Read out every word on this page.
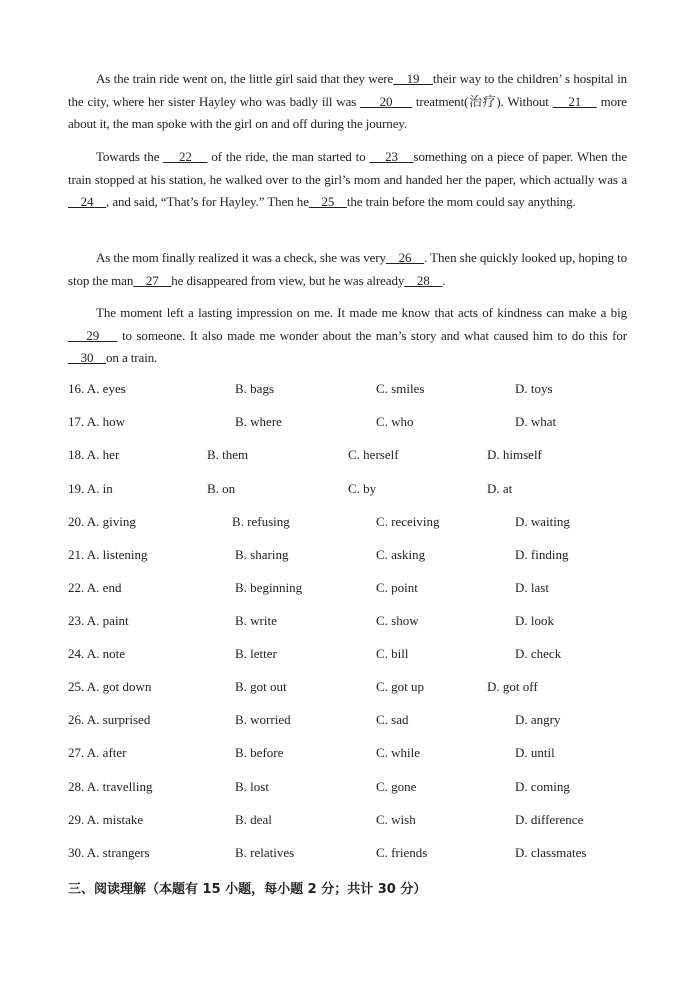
As the train ride went on, the little girl said that they were    19    their way to the children’ s hospital in the city, where her sister Hayley who was badly ill was      20      treatment(治疗). Without     21     more about it, the man spoke with the girl on and off during the journey.

Towards the     22     of the ride, the man started to     23    something on a piece of paper. When the train stopped at his station, he walked over to the girl’s mom and handed her the paper, which actually was a     24    , and said, “That’s for Hayley.” Then he    25    the train before the mom could say anything.

As the mom finally realized it was a check, she was very    26    . Then she quickly looked up, hoping to stop the man    27    he disappeared from view, but he was already    28    .

The moment left a lasting impression on me. It made me know that acts of kindness can make a big    29     to someone. It also made me wonder about the man’s story and what caused him to do this for     30    on a train.

16. A. eyes	B. bags	C. smiles	D. toys
17. A. how	B. where	C. who	D. what
18. A. her	B. them	C. herself	D. himself
19. A. in	B. on	C. by	D. at
20. A. giving	B. refusing	C. receiving	D. waiting
21. A. listening	B. sharing	C. asking	D. finding
22. A. end	B. beginning	C. point	D. last
23. A. paint	B. write	C. show	D. look
24. A. note	B. letter	C. bill	D. check
25. A. got down	B. got out	C. got up	D. got off
26. A. surprised	B. worried	C. sad	D. angry
27. A. after	B. before	C. while	D. until
28. A. travelling	B. lost	C. gone	D. coming
29. A. mistake	B. deal	C. wish	D. difference
30. A. strangers	B. relatives	C. friends	D. classmates
三、阅读理解（本题有 15 小题，每小题 2 分；共计 30 分）
